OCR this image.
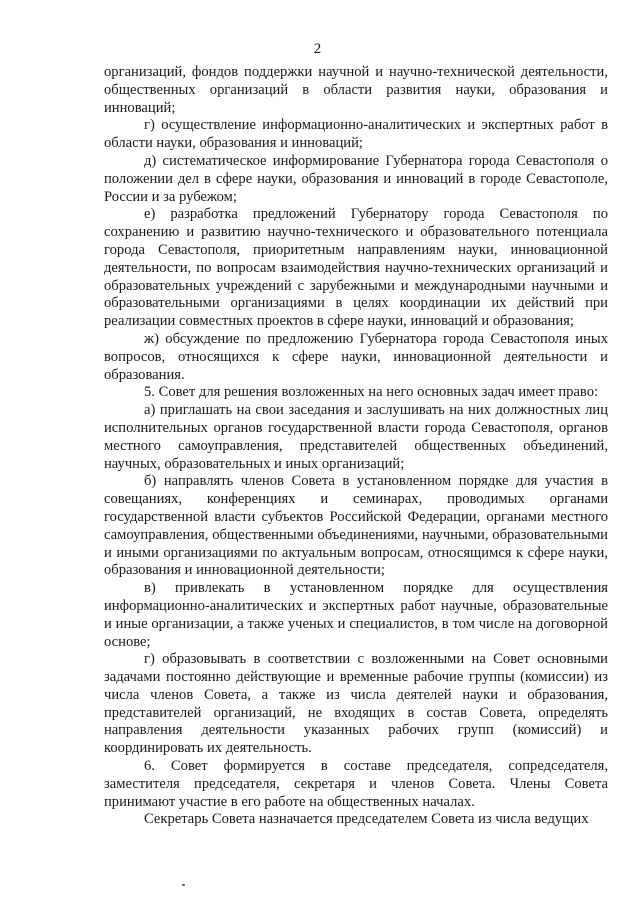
2

организаций, фондов поддержки научной и научно-технической деятельности, общественных организаций в области развития науки, образования и инноваций;

г) осуществление информационно-аналитических и экспертных работ в области науки, образования и инноваций;

д) систематическое информирование Губернатора города Севастополя о положении дел в сфере науки, образования и инноваций в городе Севастополе, России и за рубежом;

е) разработка предложений Губернатору города Севастополя по сохранению и развитию научно-технического и образовательного потенциала города Севастополя, приоритетным направлениям науки, инновационной деятельности, по вопросам взаимодействия научно-технических организаций и образовательных учреждений с зарубежными и международными научными и образовательными организациями в целях координации их действий при реализации совместных проектов в сфере науки, инноваций и образования;

ж) обсуждение по предложению Губернатора города Севастополя иных вопросов, относящихся к сфере науки, инновационной деятельности и образования.

5. Совет для решения возложенных на него основных задач имеет право:

а) приглашать на свои заседания и заслушивать на них должностных лиц исполнительных органов государственной власти города Севастополя, органов местного самоуправления, представителей общественных объединений, научных, образовательных и иных организаций;

б) направлять членов Совета в установленном порядке для участия в совещаниях, конференциях и семинарах, проводимых органами государственной власти субъектов Российской Федерации, органами местного самоуправления, общественными объединениями, научными, образовательными и иными организациями по актуальным вопросам, относящимся к сфере науки, образования и инновационной деятельности;

в) привлекать в установленном порядке для осуществления информационно-аналитических и экспертных работ научные, образовательные и иные организации, а также ученых и специалистов, в том числе на договорной основе;

г) образовывать в соответствии с возложенными на Совет основными задачами постоянно действующие и временные рабочие группы (комиссии) из числа членов Совета, а также из числа деятелей науки и образования, представителей организаций, не входящих в состав Совета, определять направления деятельности указанных рабочих групп (комиссий) и координировать их деятельность.

6. Совет формируется в составе председателя, сопредседателя, заместителя председателя, секретаря и членов Совета. Члены Совета принимают участие в его работе на общественных началах.

Секретарь Совета назначается председателем Совета из числа ведущих
